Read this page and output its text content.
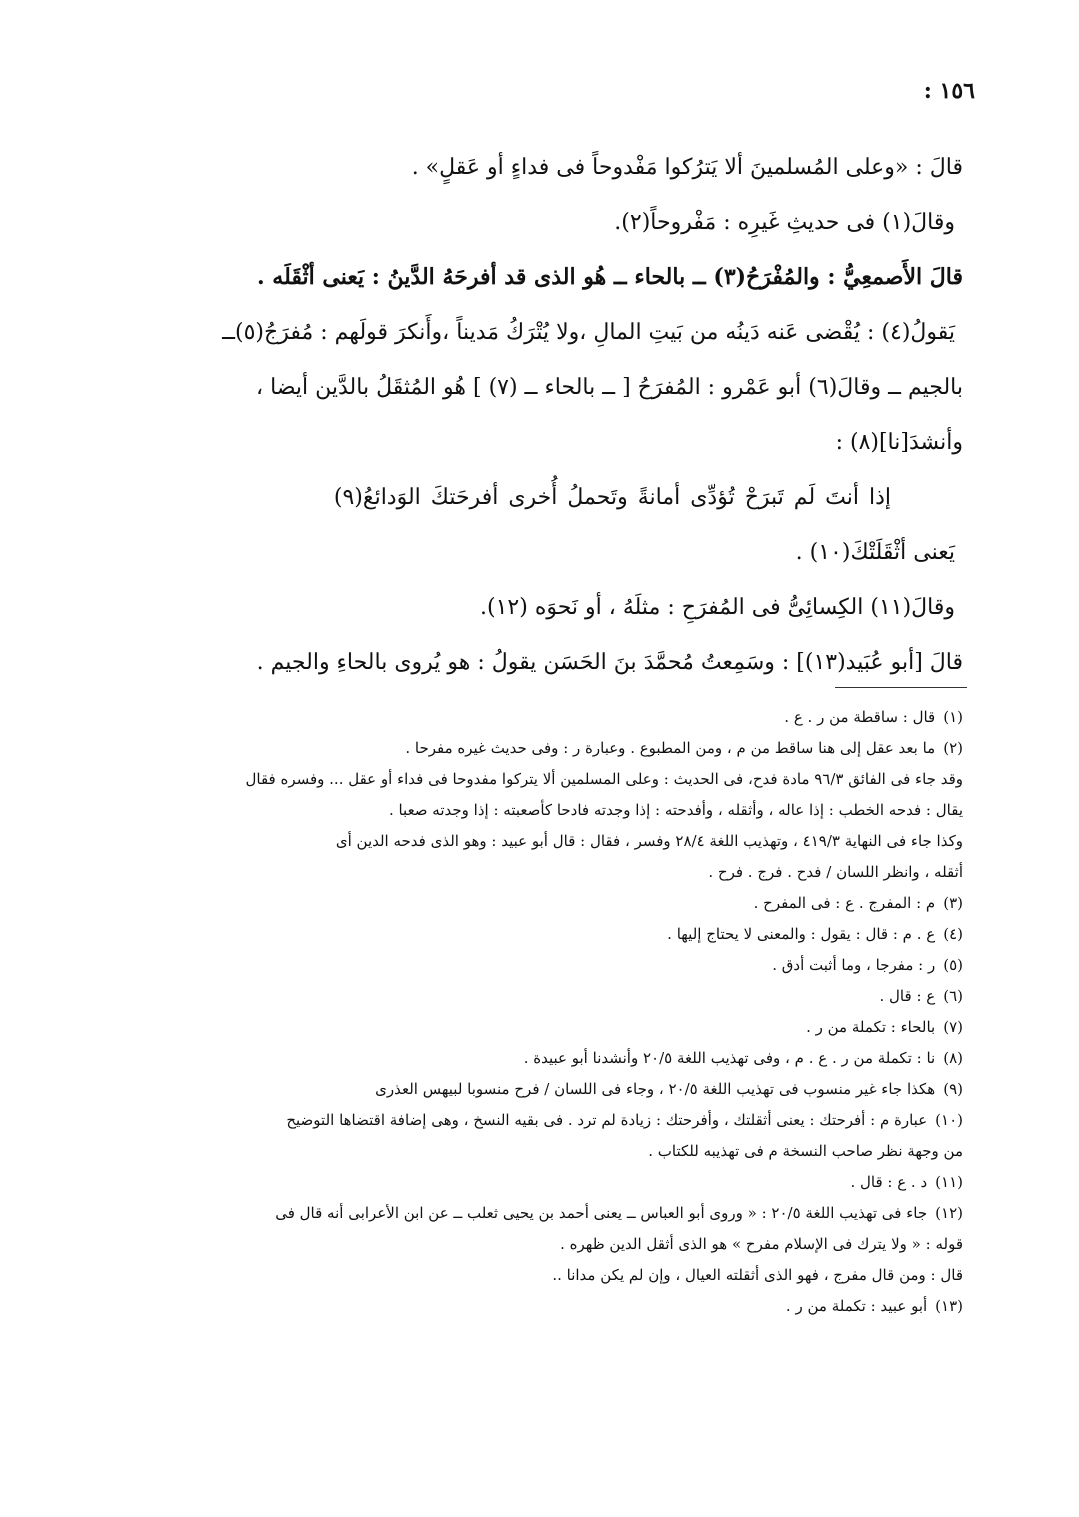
١٥٦ :
قالَ : «وعلى المُسلمينَ ألا يَترُكوا مَفْدوحاً فى فداءٍ أو عَقلٍ» .
وقالَ(١) فى حديثِ غَيرِه : مَفْروحاً(٢).
قالَ الأَصمعِيُّ : والمُفْرَحُ(٣) ــ بالحاء ــ هُو الذى قد أفرحَهُ الدَّينُ : يَعنى أثْقَلَه .
يَقولُ(٤) : يُقْضى عَنه دَينُه من بَيتِ المالِ ،ولا يُتْرَكُ مَديناً ،وأَنكرَ قولَهم : مُفرَجُ(٥)ــ
بالجيم ــ وقالَ(٦) أبو عَمْرو : المُفرَحُ [ ــ بالحاء ــ (٧) ] هُو المُثقَلُ بالدَّين أيضا ،
وأنشدَ[نا](٨) :
إذا أنتَ لَم تَبرَحْ تُؤدِّى أمانةً وتَحملُ أُخرى أفرحَتكَ الوَدائعُ(٩)
يَعنى أثْقَلَتْكَ(١٠) .
وقالَ(١١) الكِسائِىُّ فى المُفرَحِ : مثلَهُ ، أو نَحوَه (١٢).
قالَ [أبو عُبَيد(١٣)] : وسَمِعتُ مُحمَّدَ بنَ الحَسَن يقولُ : هو يُروى بالحاءِ والجيم .
(١)قال : ساقطة من ر . ع .
(٢)ما بعد عقل إلى هنا ساقط من م ، ومن المطبوع . وعبارة ر : وفى حديث غيره مفرحا .
وقد جاء فى الفائق ٩٦/٣ مادة فدح، فى الحديث : وعلى المسلمين ألا يتركوا مفدوحا فى فداء أو عقل ... وفسره فقال
يقال : فدحه الخطب : إذا عاله ، وأثقله ، وأفدحته : إذا وجدته فادحا كأصعبته : إذا وجدته صعبا .
وكذا جاء فى النهاية ٤١٩/٣ ، وتهذيب اللغة ٢٨/٤ وفسر ، فقال : قال أبو عبيد : وهو الذى فدحه الدين أى
أثقله ، وانظر اللسان / فدح . فرج . فرح .
(٣)م : المفرج . ع : فى المفرح .
(٤)ع . م : قال : يقول : والمعنى لا يحتاج إليها .
(٥)ر : مفرجا ، وما أثبت أدق .
(٦)ع : قال .
(٧)بالحاء : تكملة من ر .
(٨)نا : تكملة من ر . ع . م ، وفى تهذيب اللغة ٢٠/٥ وأنشدنا أبو عبيدة .
(٩)هكذا جاء غير منسوب فى تهذيب اللغة ٢٠/٥ ، وجاء فى اللسان / فرح منسوبا لبيهس العذرى
(١٠)عبارة م : أفرحتك : يعنى أثقلتك ، وأفرحتك : زيادة لم ترد . فى بقيه النسخ ، وهى إضافة اقتضاها التوضيح
من وجهة نظر صاحب النسخة م فى تهذيبه للكتاب .
(١١)د . ع : قال .
(١٢)جاء فى تهذيب اللغة ٢٠/٥ : « وروى أبو العباس ــ يعنى أحمد بن يحيى ثعلب ــ عن ابن الأعرابى أنه قال فى
قوله : « ولا يترك فى الإسلام مفرح » هو الذى أثقل الدين ظهره .
قال : ومن قال مفرج ، فهو الذى أثقلته العيال ، وإن لم يكن مدانا ..
(١٣)أبو عبيد : تكملة من ر .
